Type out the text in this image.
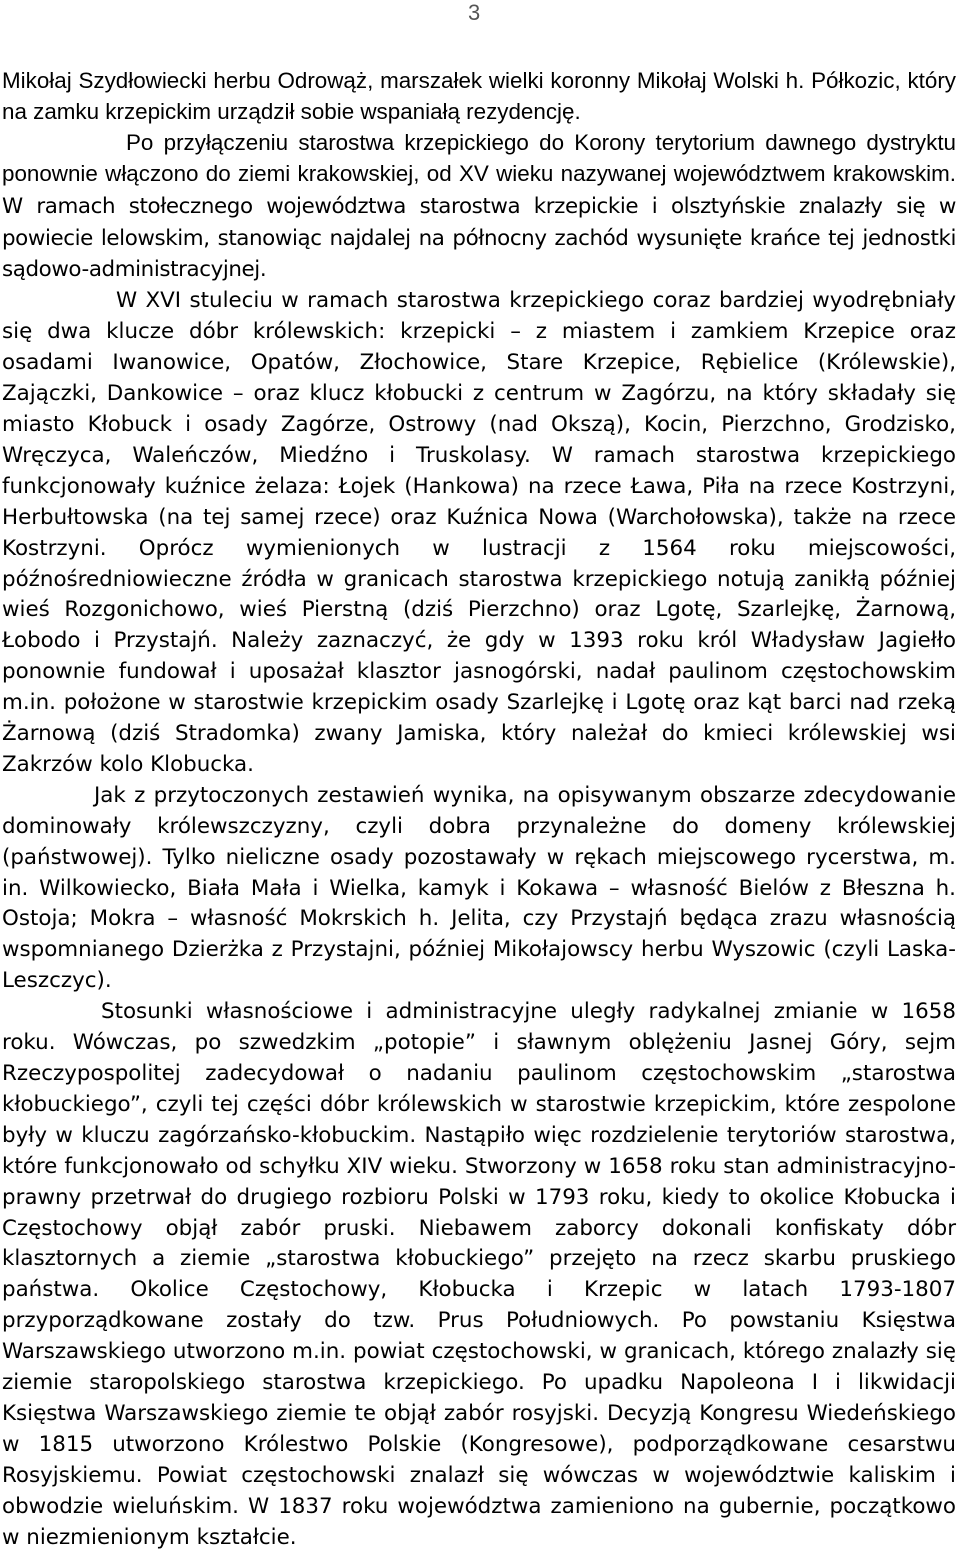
3

Mikołaj Szydłowiecki herbu Odrowąż, marszałek wielki koronny Mikołaj Wolski h. Półkozic, który na zamku krzepickim urządził sobie wspaniałą rezydencję.

Po przyłączeniu starostwa krzepickiego do Korony terytorium dawnego dystryktu ponownie włączono do ziemi krakowskiej, od XV wieku nazywanej województwem krakowskim. W ramach stołecznego województwa starostwa krzepickie i olsztyńskie znalazły się w powiecie lelowskim, stanowiąc najdalej na północny zachód wysunięte krańce tej jednostki sądowo-administracyjnej.

W XVI stuleciu w ramach starostwa krzepickiego coraz bardziej wyodrębniały się dwa klucze dóbr królewskich: krzepicki – z miastem i zamkiem Krzepice oraz osadami Iwanowice, Opatów, Złochowice, Stare Krzepice, Rębielice (Królewskie), Zajączki, Dankowice – oraz klucz kłobucki z centrum w Zagórzu, na który składały się miasto Kłobuck i osady Zagórze, Ostrowy (nad Okszą), Kocin, Pierzchno, Grodzisko, Wręczyca, Waleńczów, Miedźno i Truskolasy. W ramach starostwa krzepickiego funkcjonowały kuźnice żelaza: Łojek (Hankowa) na rzece Ława, Piła na rzece Kostrzyni, Herbułtowska (na tej samej rzece) oraz Kuźnica Nowa (Warchołowska), także na rzece Kostrzyni. Oprócz wymienionych w lustracji z 1564 roku miejscowości, późnośredniowieczne źródła w granicach starostwa krzepickiego notują zanikłą później wieś Rozgonichowo, wieś Pierstną (dziś Pierzchno) oraz Lgotę, Szarlejkę, Żarnową, Łobodo i Przystajń. Należy zaznaczyć, że gdy w 1393 roku król Władysław Jagiełło ponownie fundował i uposażał klasztor jasnogórski, nadał paulinom częstochowskim m.in. położone w starostwie krzepickim osady Szarlejkę i Lgotę oraz kąt barci nad rzeką Żarnową (dziś Stradomka) zwany Jamiska, który należał do kmieci królewskiej wsi Zakrzów kolo Klobucka.

Jak z przytoczonych zestawień wynika, na opisywanym obszarze zdecydowanie dominowały królewszczyzny, czyli dobra przynależne do domeny królewskiej (państwowej). Tylko nieliczne osady pozostawały w rękach miejscowego rycerstwa, m. in. Wilkowiecko, Biała Mała i Wielka, kamyk i Kokawa – własność Bielów z Błeszna h. Ostoja; Mokra – własność Mokrskich h. Jelita, czy Przystajń będąca zrazu własnością wspomnianego Dzierżka z Przystajni, później Mikołajowscy herbu Wyszowic (czyli Laska-Leszczyc).

Stosunki własnościowe i administracyjne uległy radykalnej zmianie w 1658 roku. Wówczas, po szwedzkim „potopie” i sławnym oblężeniu Jasnej Góry, sejm Rzeczypospolitej zadecydował o nadaniu paulinom częstochowskim „starostwa kłobuckiego”, czyli tej części dóbr królewskich w starostwie krzepickim, które zespolone były w kluczu zagórzańsko-kłobuckim. Nastąpiło więc rozdzielenie terytoriów starostwa, które funkcjonowało od schyłku XIV wieku. Stworzony w 1658 roku stan administracyjno-prawny przetrwał do drugiego rozbioru Polski w 1793 roku, kiedy to okolice Kłobucka i Częstochowy objął zabór pruski. Niebawem zaborcy dokonali konfiskaty dóbr klasztornych a ziemie „starostwa kłobuckiego” przejęto na rzecz skarbu pruskiego państwa. Okolice Częstochowy, Kłobucka i Krzepic w latach 1793-1807 przyporządkowane zostały do tzw. Prus Południowych. Po powstaniu Księstwa Warszawskiego utworzono m.in. powiat częstochowski, w granicach, którego znalazły się ziemie staropolskiego starostwa krzepickiego. Po upadku Napoleona I i likwidacji Księstwa Warszawskiego ziemie te objął zabór rosyjski. Decyzją Kongresu Wiedeńskiego w 1815 utworzono Królestwo Polskie (Kongresowe), podporządkowane cesarstwu Rosyjskiemu. Powiat częstochowski znalazł się wówczas w województwie kaliskim i obwodzie wieluńskim. W 1837 roku województwa zamieniono na gubernie, początkowo w niezmienionym kształcie.
